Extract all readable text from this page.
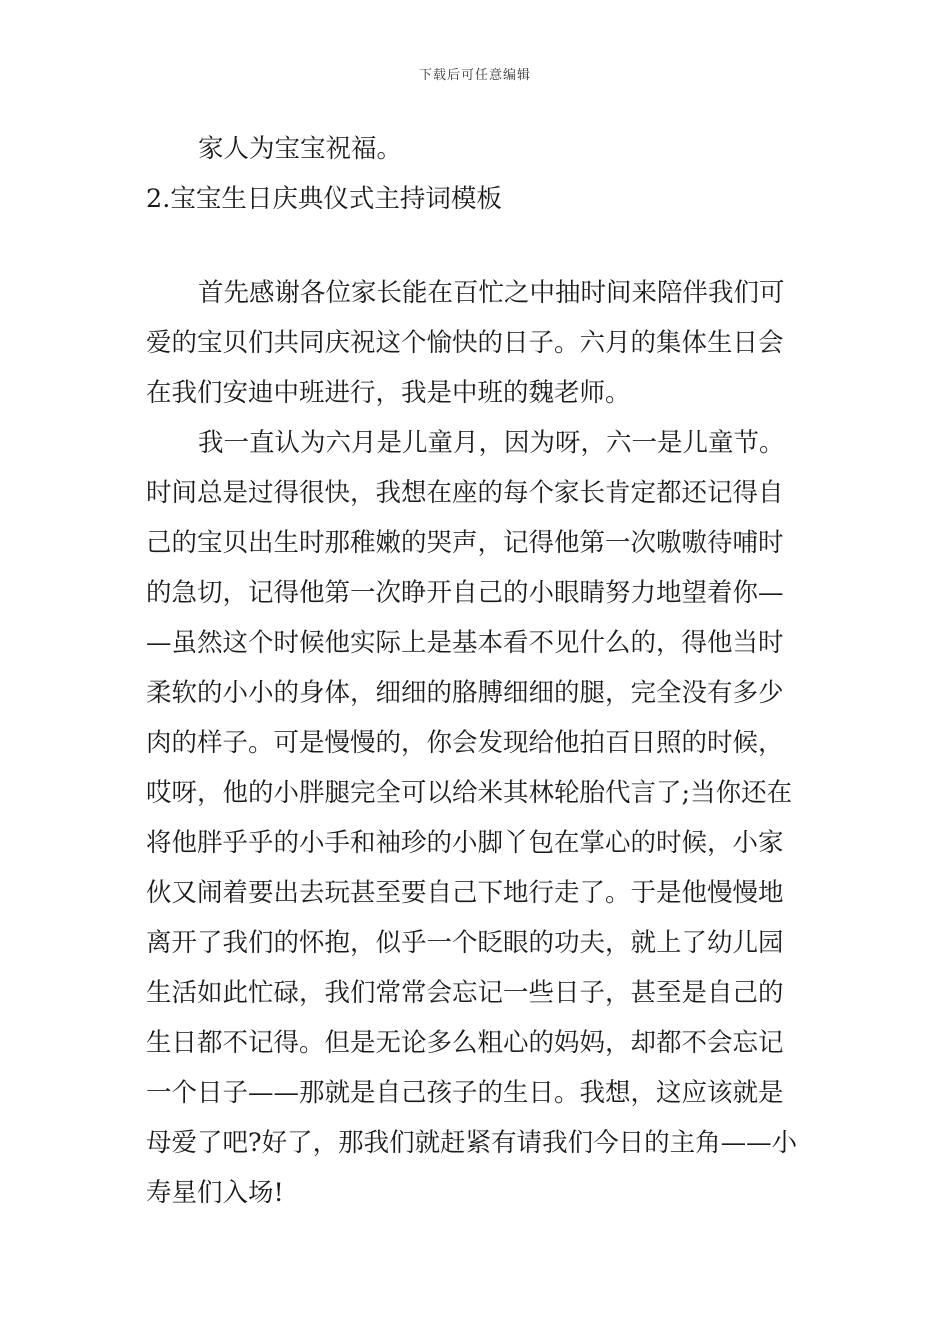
下载后可任意编辑
家人为宝宝祝福。
2.宝宝生日庆典仪式主持词模板
首先感谢各位家长能在百忙之中抽时间来陪伴我们可
爱的宝贝们共同庆祝这个愉快的日子。六月的集体生日会
在我们安迪中班进行，我是中班的魏老师。
我一直认为六月是儿童月，因为呀，六一是儿童节。
时间总是过得很快，我想在座的每个家长肯定都还记得自
己的宝贝出生时那稚嫩的哭声，记得他第一次嗷嗷待哺时
的急切，记得他第一次睁开自己的小眼睛努力地望着你—
—虽然这个时候他实际上是基本看不见什么的，得他当时
柔软的小小的身体，细细的胳膊细细的腿，完全没有多少
肉的样子。可是慢慢的，你会发现给他拍百日照的时候，
哎呀，他的小胖腿完全可以给米其林轮胎代言了;当你还在
将他胖乎乎的小手和袖珍的小脚丫包在掌心的时候，小家
伙又闹着要出去玩甚至要自己下地行走了。于是他慢慢地
离开了我们的怀抱，似乎一个眨眼的功夫，就上了幼儿园
生活如此忙碌，我们常常会忘记一些日子，甚至是自己的
生日都不记得。但是无论多么粗心的妈妈，却都不会忘记
一个日子——那就是自己孩子的生日。我想，这应该就是
母爱了吧?好了，那我们就赶紧有请我们今日的主角——小
寿星们入场!
